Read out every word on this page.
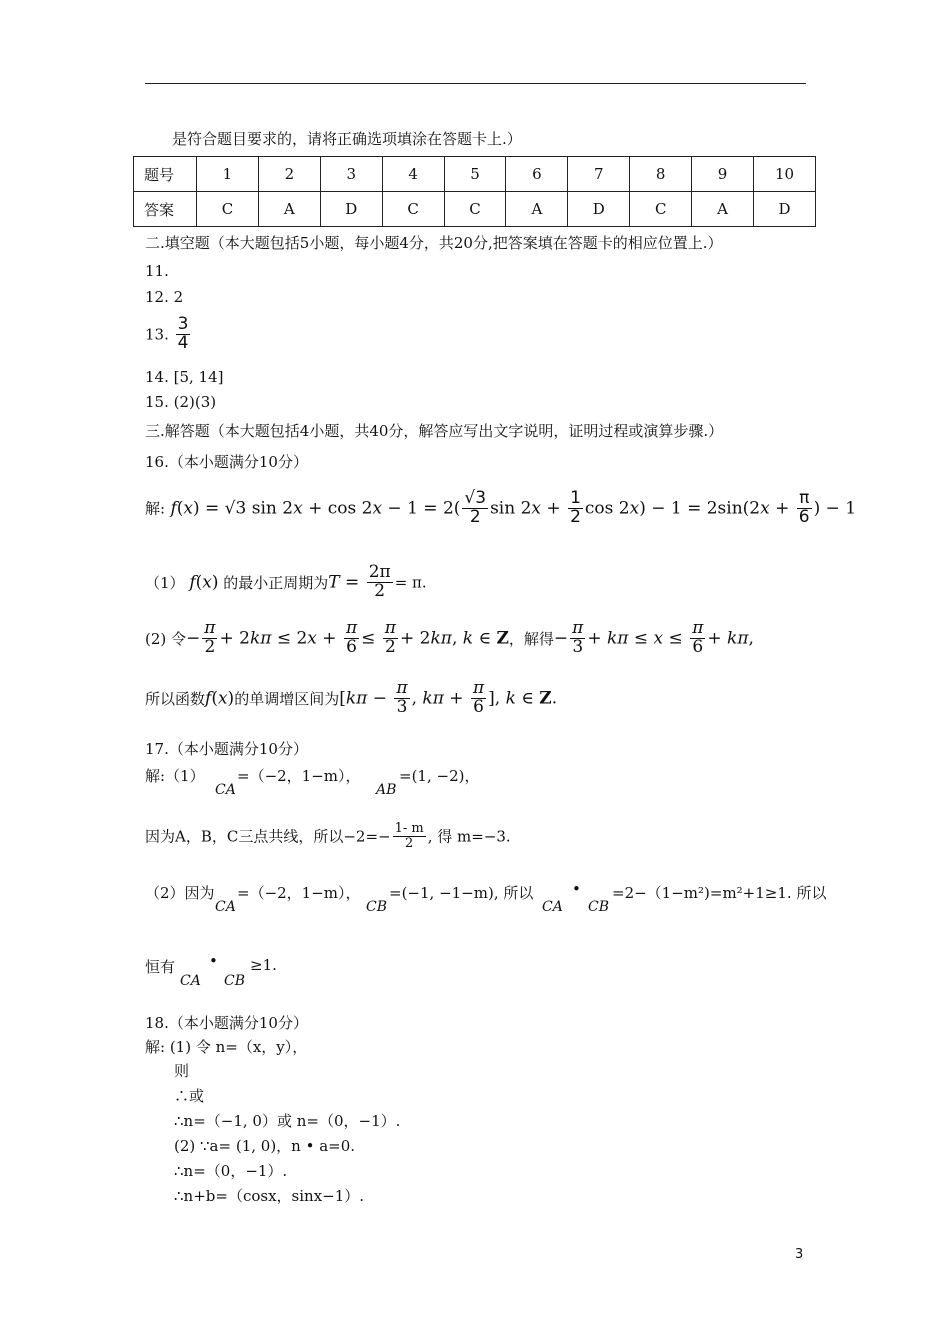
是符合题目要求的，请将正确选项填涂在答题卡上.）
题号	1	2	3	4	5	6	7	8	9	10
答案	C	A	D	C	C	A	D	C	A	D
二.填空题（本大题包括5小题，每小题4分，共20分,把答案填在答题卡的相应位置上.）
11.
12. 2
13. $\frac{3}{4}$
14. [5, 14]
15. (2)(3)
三.解答题（本大题包括4小题，共40分，解答应写出文字说明，证明过程或演算步骤.）
16.（本小题满分10分）
解: f(x) = √3 $\sin 2x + \cos 2x - 1 = 2( \frac{√3}{2}$ $\sin 2x + \frac{1}{2}$ $\cos 2x) - 1 = 2\sin(2x + \frac{\pi}{6}$ ) − 1
（1） f(x) 的最小正周期为$T = \frac{2\pi}{2} = \pi$.
(2) 令− $\frac{\pi}{2} + 2k\pi \le 2x + \frac{\pi}{6} \le \frac{\pi}{2} + 2k\pi$, k ∈ Z，解得− $\frac{\pi}{3} + k\pi \le x \le \frac{\pi}{6} + k\pi$,
所以函数f(x)的单调增区间为[$k\pi - \frac{\pi}{3}$ , $k\pi + \frac{\pi}{6}$ ], k ∈ Z.
17.（本小题满分10分）
解:（1）
CA
=（−2，1−m），
AB
=(1, −2)，
因为A，B，C三点共线，所以$-2=- \frac{1- m}{2}$ , 得 m=−3.
（2）因为
CA
=（−2，1−m），
CB
=(−1, −1−m), 所以
CA
•
CB
=2−（1−m²)=m²+1≥1. 所以
恒有
CA
•
CB
≥1.
18.（本小题满分10分）
解: (1) 令 n=（x，y），
则
∴或
∴n=（−1, 0）或 n=（0，−1）.
(2) ∵a= (1, 0)，n • a=0.
∴n=（0，−1）.
∴n+b=（cosx，sinx−1）.
3
